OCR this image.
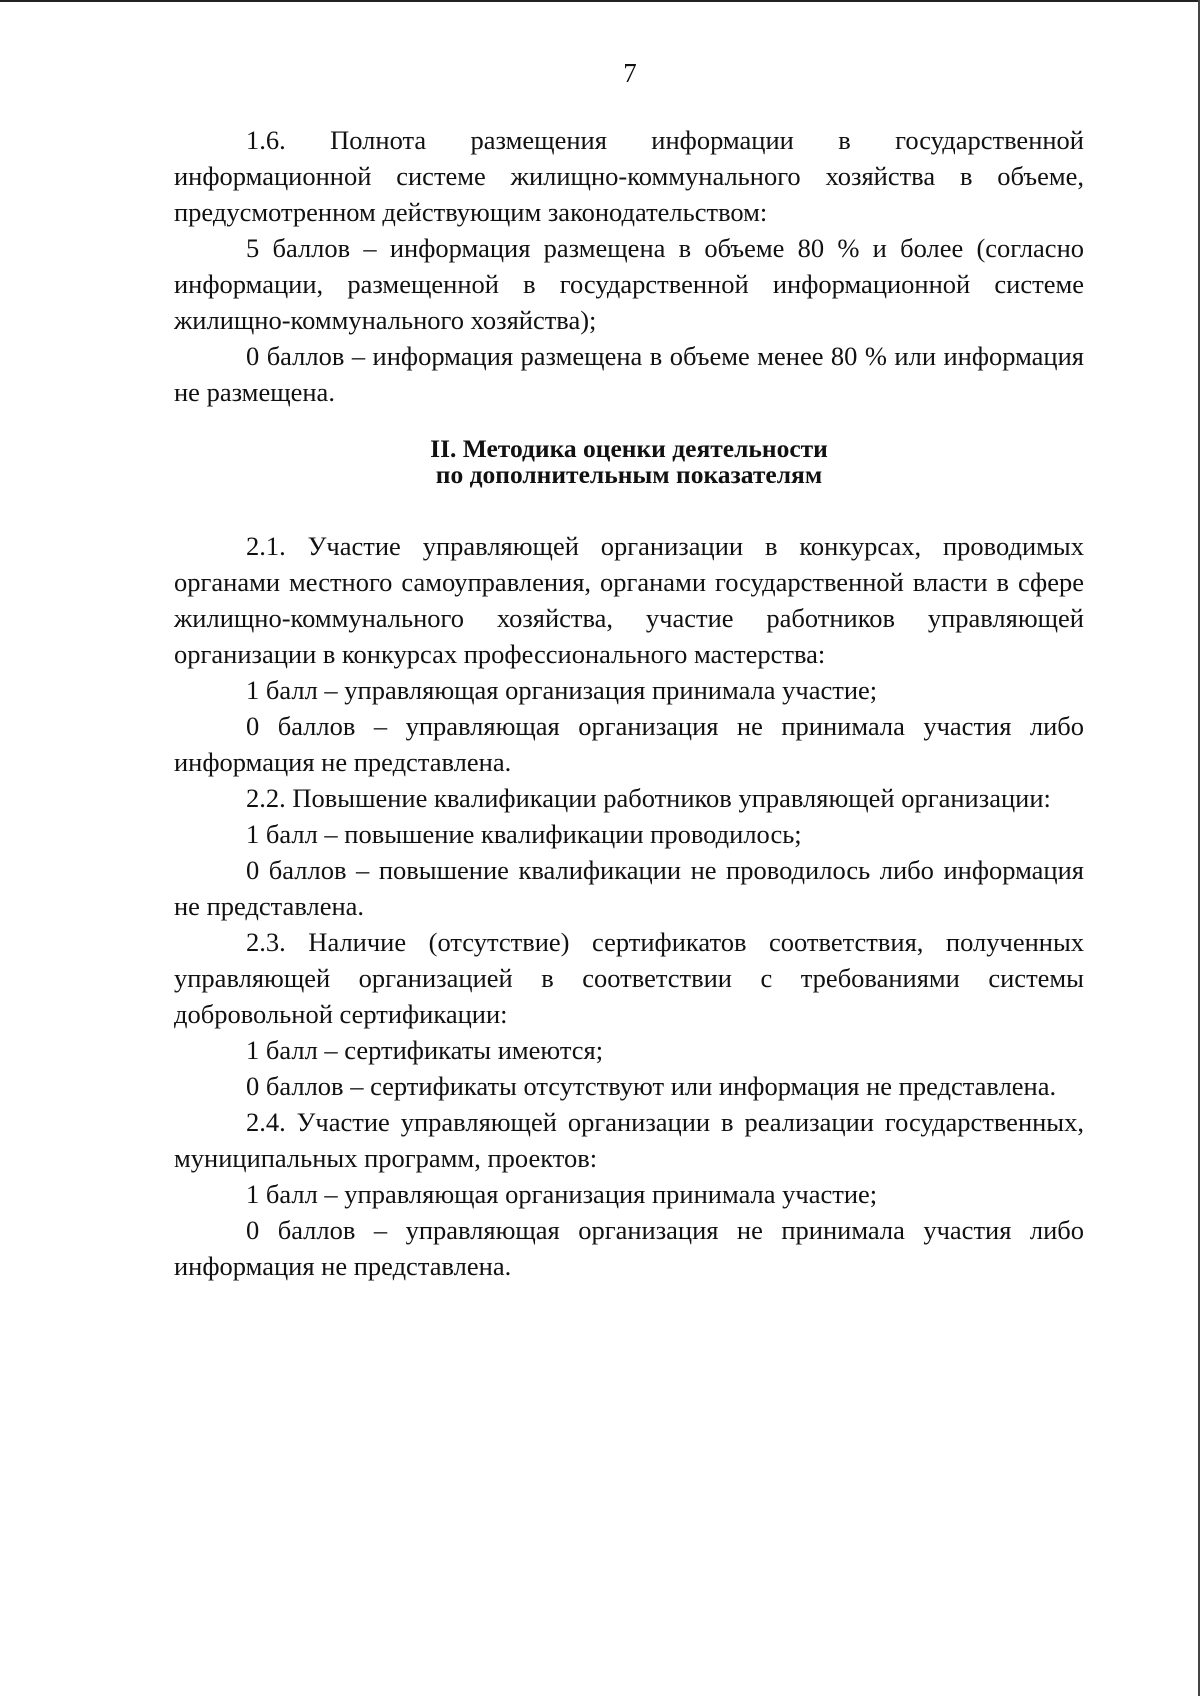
7

1.6. Полнота размещения информации в государственной информационной системе жилищно-коммунального хозяйства в объеме, предусмотренном действующим законодательством:

5 баллов – информация размещена в объеме 80 % и более (согласно информации, размещенной в государственной информационной системе жилищно-коммунального хозяйства);

0 баллов – информация размещена в объеме менее 80 % или информация не размещена.

II. Методика оценки деятельности
по дополнительным показателям

2.1. Участие управляющей организации в конкурсах, проводимых органами местного самоуправления, органами государственной власти в сфере жилищно-коммунального хозяйства, участие работников управляющей организации в конкурсах профессионального мастерства:

1 балл – управляющая организация принимала участие;

0 баллов – управляющая организация не принимала участия либо информация не представлена.

2.2. Повышение квалификации работников управляющей организации:

1 балл – повышение квалификации проводилось;

0 баллов – повышение квалификации не проводилось либо информация не представлена.

2.3. Наличие (отсутствие) сертификатов соответствия, полученных управляющей организацией в соответствии с требованиями системы добровольной сертификации:

1 балл – сертификаты имеются;

0 баллов – сертификаты отсутствуют или информация не представлена.

2.4. Участие управляющей организации в реализации государственных, муниципальных программ, проектов:

1 балл – управляющая организация принимала участие;

0 баллов – управляющая организация не принимала участия либо информация не представлена.
